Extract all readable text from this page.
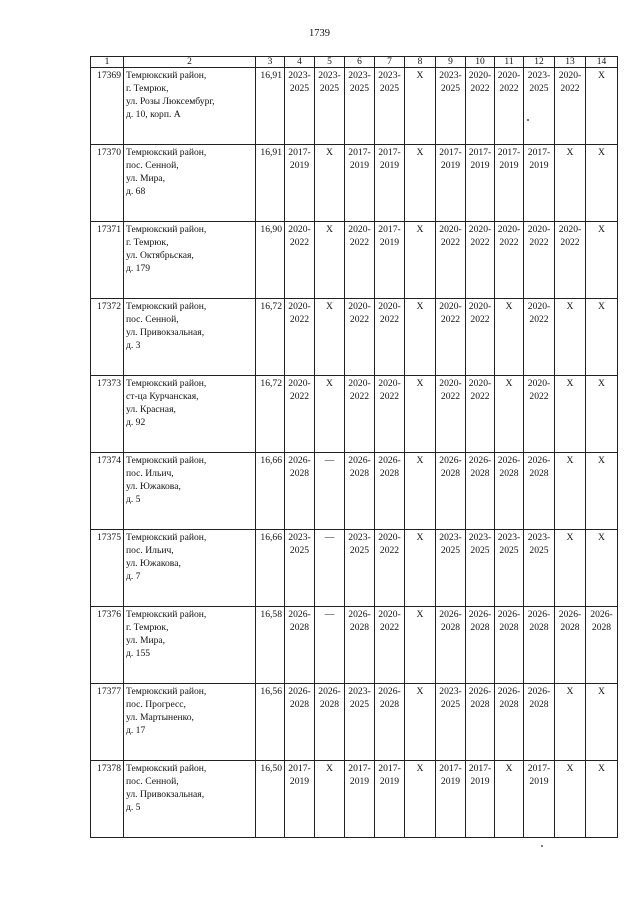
1739
1	2	3	4	5	6	7	8	9	10	11	12	13	14
17369	Темрюкский район,
г. Темрюк,
ул. Розы Люксембург,
д. 10, корп. А	16,91	2023-
2025	2023-
2025	2023-
2025	2023-
2025	X	2023-
2025	2020-
2022	2020-
2022	2023-
2025	2020-
2022	X
17370	Темрюкский район,
пос. Сенной,
ул. Мира,
д. 68	16,91	2017-
2019	X	2017-
2019	2017-
2019	X	2017-
2019	2017-
2019	2017-
2019	2017-
2019	X	X
17371	Темрюкский район,
г. Темрюк,
ул. Октябрьская,
д. 179	16,90	2020-
2022	X	2020-
2022	2017-
2019	X	2020-
2022	2020-
2022	2020-
2022	2020-
2022	2020-
2022	X
17372	Темрюкский район,
пос. Сенной,
ул. Привокзальная,
д. 3	16,72	2020-
2022	X	2020-
2022	2020-
2022	X	2020-
2022	2020-
2022	X	2020-
2022	X	X
17373	Темрюкский район,
ст-ца Курчанская,
ул. Красная,
д. 92	16,72	2020-
2022	X	2020-
2022	2020-
2022	X	2020-
2022	2020-
2022	X	2020-
2022	X	X
17374	Темрюкский район,
пос. Ильич,
ул. Южакова,
д. 5	16,66	2026-
2028	—	2026-
2028	2026-
2028	X	2026-
2028	2026-
2028	2026-
2028	2026-
2028	X	X
17375	Темрюкский район,
пос. Ильич,
ул. Южакова,
д. 7	16,66	2023-
2025	—	2023-
2025	2020-
2022	X	2023-
2025	2023-
2025	2023-
2025	2023-
2025	X	X
17376	Темрюкский район,
г. Темрюк,
ул. Мира,
д. 155	16,58	2026-
2028	—	2026-
2028	2020-
2022	X	2026-
2028	2026-
2028	2026-
2028	2026-
2028	2026-
2028	2026-
2028
17377	Темрюкский район,
пос. Прогресс,
ул. Мартыненко,
д. 17	16,56	2026-
2028	2026-
2028	2023-
2025	2026-
2028	X	2023-
2025	2026-
2028	2026-
2028	2026-
2028	X	X
17378	Темрюкский район,
пос. Сенной,
ул. Привокзальная,
д. 5	16,50	2017-
2019	X	2017-
2019	2017-
2019	X	2017-
2019	2017-
2019	X	2017-
2019	X	X
